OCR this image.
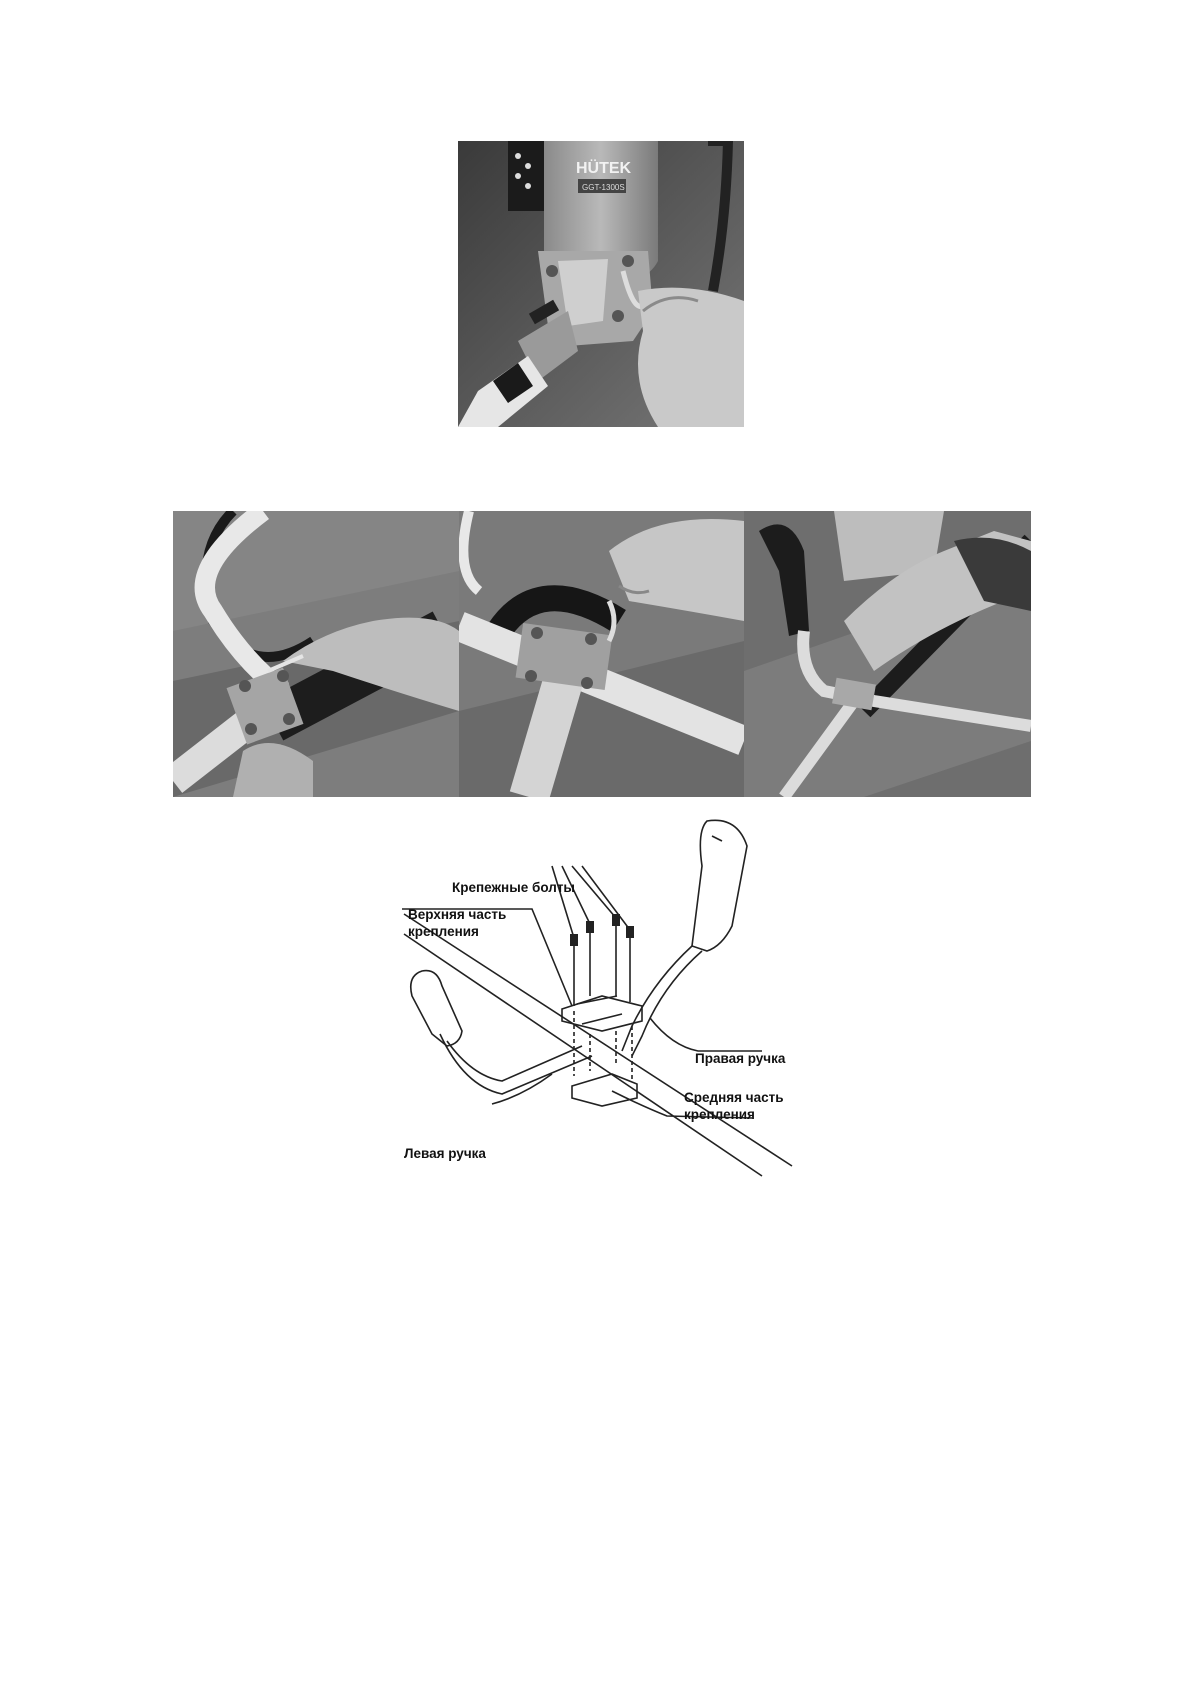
HÜTEK
GGT-1300S
Крепежные болты
Верхняя часть
крепления
Правая ручка
Средняя часть
крепления
Левая ручка
